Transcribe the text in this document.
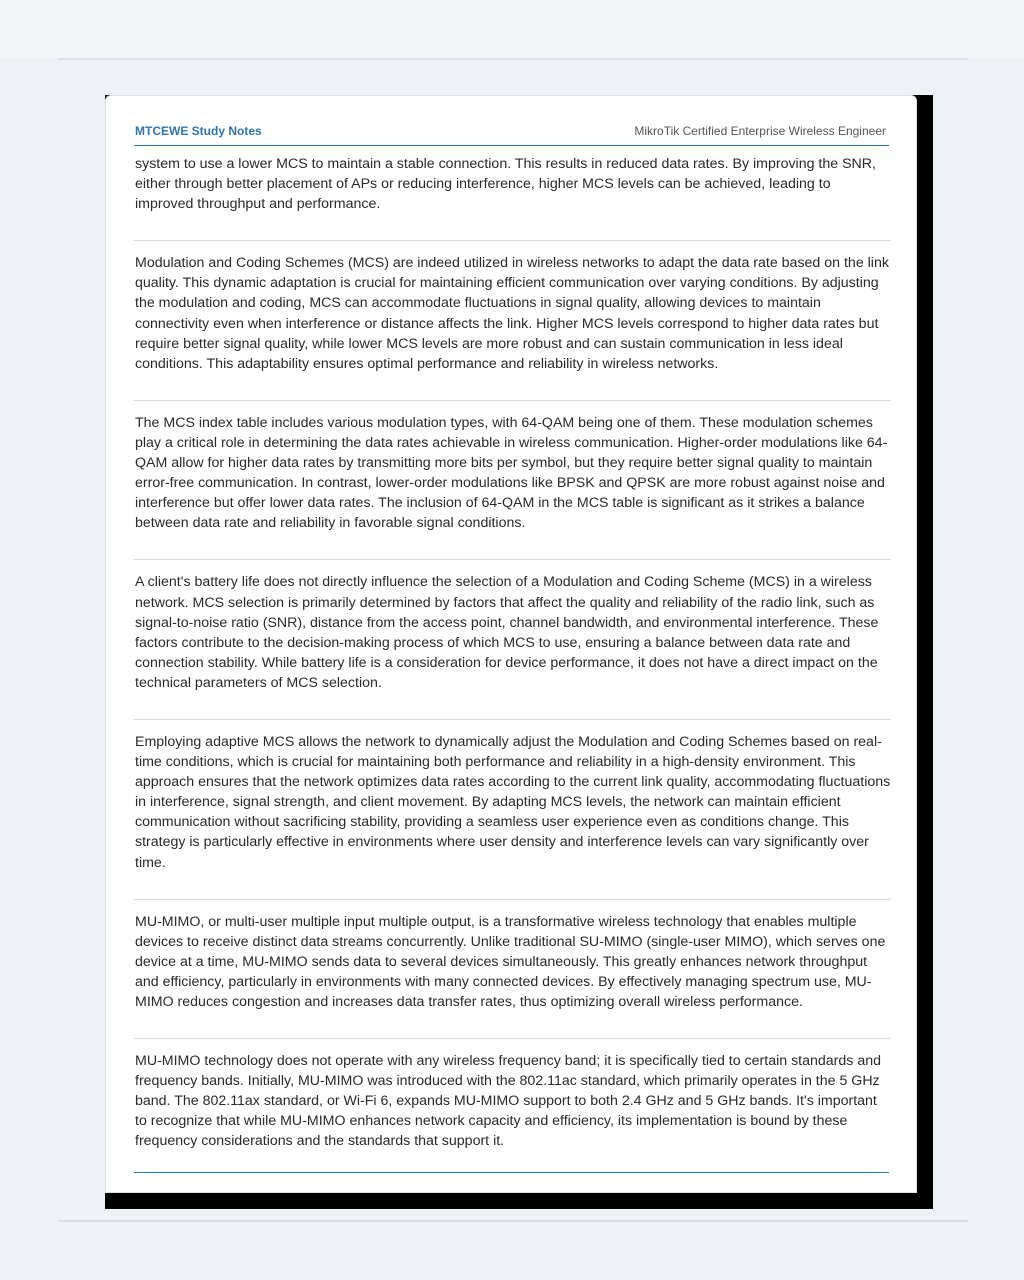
MTCEWE Study Notes	MikroTik Certified Enterprise Wireless Engineer

system to use a lower MCS to maintain a stable connection. This results in reduced data rates. By improving the SNR, either through better placement of APs or reducing interference, higher MCS levels can be achieved, leading to improved throughput and performance.

Modulation and Coding Schemes (MCS) are indeed utilized in wireless networks to adapt the data rate based on the link quality. This dynamic adaptation is crucial for maintaining efficient communication over varying conditions. By adjusting the modulation and coding, MCS can accommodate fluctuations in signal quality, allowing devices to maintain connectivity even when interference or distance affects the link. Higher MCS levels correspond to higher data rates but require better signal quality, while lower MCS levels are more robust and can sustain communication in less ideal conditions. This adaptability ensures optimal performance and reliability in wireless networks.

The MCS index table includes various modulation types, with 64-QAM being one of them. These modulation schemes play a critical role in determining the data rates achievable in wireless communication. Higher-order modulations like 64-QAM allow for higher data rates by transmitting more bits per symbol, but they require better signal quality to maintain error-free communication. In contrast, lower-order modulations like BPSK and QPSK are more robust against noise and interference but offer lower data rates. The inclusion of 64-QAM in the MCS table is significant as it strikes a balance between data rate and reliability in favorable signal conditions.

A client's battery life does not directly influence the selection of a Modulation and Coding Scheme (MCS) in a wireless network. MCS selection is primarily determined by factors that affect the quality and reliability of the radio link, such as signal-to-noise ratio (SNR), distance from the access point, channel bandwidth, and environmental interference. These factors contribute to the decision-making process of which MCS to use, ensuring a balance between data rate and connection stability. While battery life is a consideration for device performance, it does not have a direct impact on the technical parameters of MCS selection.

Employing adaptive MCS allows the network to dynamically adjust the Modulation and Coding Schemes based on real-time conditions, which is crucial for maintaining both performance and reliability in a high-density environment. This approach ensures that the network optimizes data rates according to the current link quality, accommodating fluctuations in interference, signal strength, and client movement. By adapting MCS levels, the network can maintain efficient communication without sacrificing stability, providing a seamless user experience even as conditions change. This strategy is particularly effective in environments where user density and interference levels can vary significantly over time.

MU-MIMO, or multi-user multiple input multiple output, is a transformative wireless technology that enables multiple devices to receive distinct data streams concurrently. Unlike traditional SU-MIMO (single-user MIMO), which serves one device at a time, MU-MIMO sends data to several devices simultaneously. This greatly enhances network throughput and efficiency, particularly in environments with many connected devices. By effectively managing spectrum use, MU-MIMO reduces congestion and increases data transfer rates, thus optimizing overall wireless performance.

MU-MIMO technology does not operate with any wireless frequency band; it is specifically tied to certain standards and frequency bands. Initially, MU-MIMO was introduced with the 802.11ac standard, which primarily operates in the 5 GHz band. The 802.11ax standard, or Wi-Fi 6, expands MU-MIMO support to both 2.4 GHz and 5 GHz bands. It's important to recognize that while MU-MIMO enhances network capacity and efficiency, its implementation is bound by these frequency considerations and the standards that support it.
